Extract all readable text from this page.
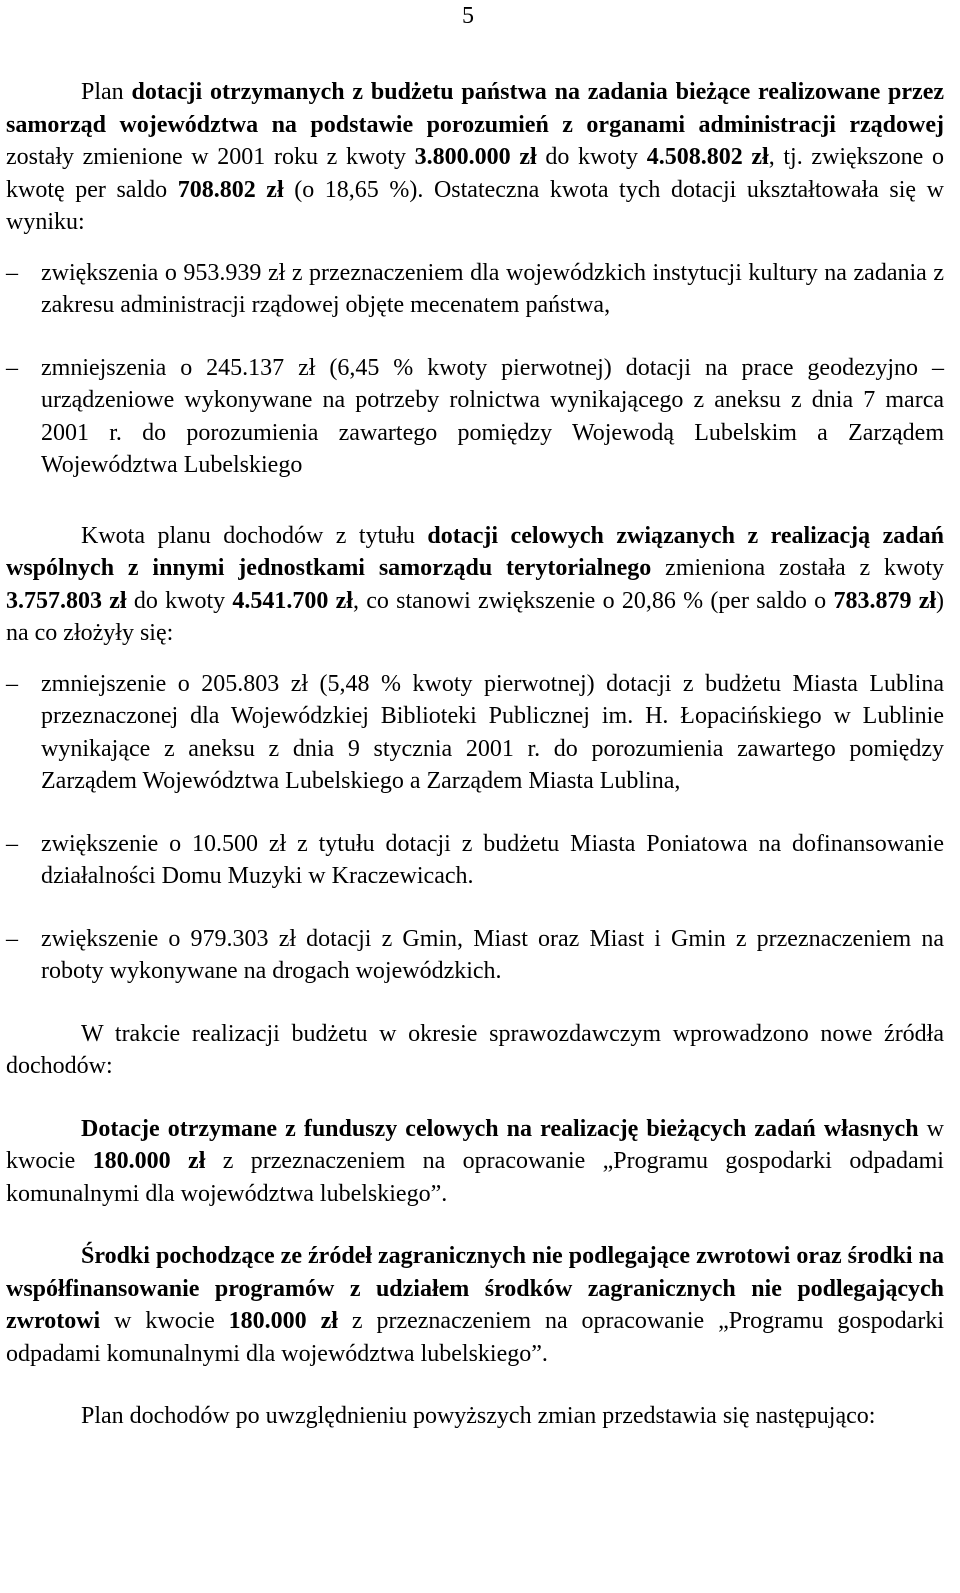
5

Plan dotacji otrzymanych z budżetu państwa na zadania bieżące realizowane przez samorząd województwa na podstawie porozumień z organami administracji rządowej zostały zmienione w 2001 roku z kwoty 3.800.000 zł do kwoty 4.508.802 zł, tj. zwiększone o kwotę per saldo 708.802 zł (o 18,65 %). Ostateczna kwota tych dotacji ukształtowała się w wyniku:

– zwiększenia o 953.939 zł z przeznaczeniem dla wojewódzkich instytucji kultury na zadania z zakresu administracji rządowej objęte mecenatem państwa,
– zmniejszenia o 245.137 zł (6,45 % kwoty pierwotnej) dotacji na prace geodezyjno – urządzeniowe wykonywane na potrzeby rolnictwa wynikającego z aneksu z dnia 7 marca 2001 r. do porozumienia zawartego pomiędzy Wojewodą Lubelskim a Zarządem Województwa Lubelskiego

Kwota planu dochodów z tytułu dotacji celowych związanych z realizacją zadań wspólnych z innymi jednostkami samorządu terytorialnego zmieniona została z kwoty 3.757.803 zł do kwoty 4.541.700 zł, co stanowi zwiększenie o 20,86 % (per saldo o 783.879 zł) na co złożyły się:

– zmniejszenie o 205.803 zł (5,48 % kwoty pierwotnej) dotacji z budżetu Miasta Lublina przeznaczonej dla Wojewódzkiej Biblioteki Publicznej im. H. Łopacińskiego w Lublinie wynikające z aneksu z dnia 9 stycznia 2001 r. do porozumienia zawartego pomiędzy Zarządem Województwa Lubelskiego a Zarządem Miasta Lublina,
– zwiększenie o 10.500 zł z tytułu dotacji z budżetu Miasta Poniatowa na dofinansowanie działalności Domu Muzyki w Kraczewicach.
– zwiększenie o 979.303 zł dotacji z Gmin, Miast oraz Miast i Gmin z przeznaczeniem na roboty wykonywane na drogach wojewódzkich.

W trakcie realizacji budżetu w okresie sprawozdawczym wprowadzono nowe źródła dochodów:

Dotacje otrzymane z funduszy celowych na realizację bieżących zadań własnych w kwocie 180.000 zł z przeznaczeniem na opracowanie „Programu gospodarki odpadami komunalnymi dla województwa lubelskiego”.

Środki pochodzące ze źródeł zagranicznych nie podlegające zwrotowi oraz środki na współfinansowanie programów z udziałem środków zagranicznych nie podlegających zwrotowi w kwocie 180.000 zł z przeznaczeniem na opracowanie „Programu gospodarki odpadami komunalnymi dla województwa lubelskiego”.

Plan dochodów po uwzględnieniu powyższych zmian przedstawia się następująco:
